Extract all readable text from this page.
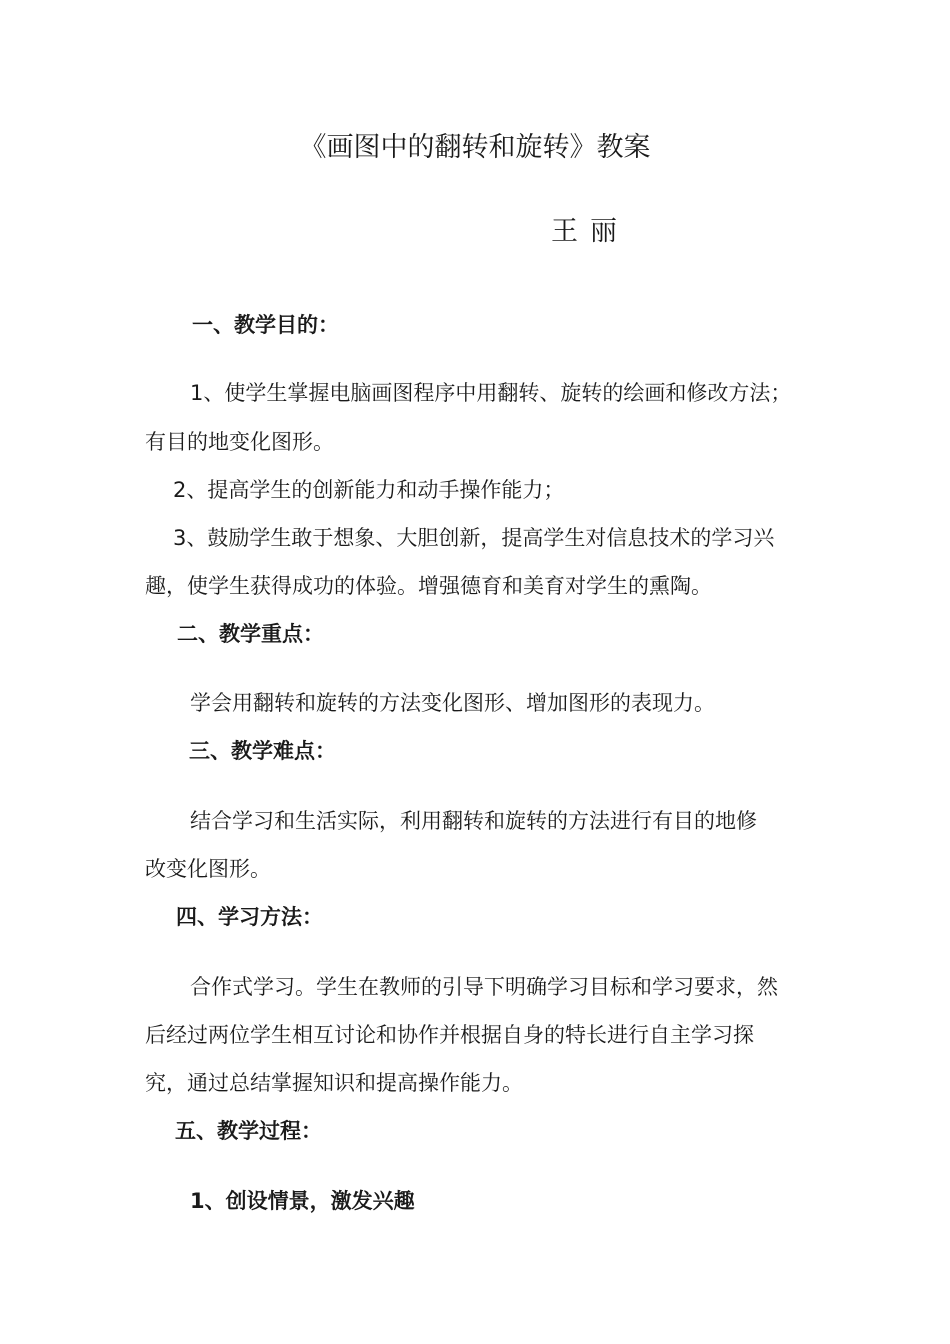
《画图中的翻转和旋转》教案
王丽
一、教学目的：
1、使学生掌握电脑画图程序中用翻转、旋转的绘画和修改方法；
有目的地变化图形。
2、提高学生的创新能力和动手操作能力；
3、鼓励学生敢于想象、大胆创新，提高学生对信息技术的学习兴
趣，使学生获得成功的体验。增强德育和美育对学生的熏陶。
二、教学重点：
学会用翻转和旋转的方法变化图形、增加图形的表现力。
三、教学难点：
结合学习和生活实际，利用翻转和旋转的方法进行有目的地修
改变化图形。
四、学习方法：
合作式学习。学生在教师的引导下明确学习目标和学习要求，然
后经过两位学生相互讨论和协作并根据自身的特长进行自主学习探
究，通过总结掌握知识和提高操作能力。
五、教学过程：
1、创设情景，激发兴趣
